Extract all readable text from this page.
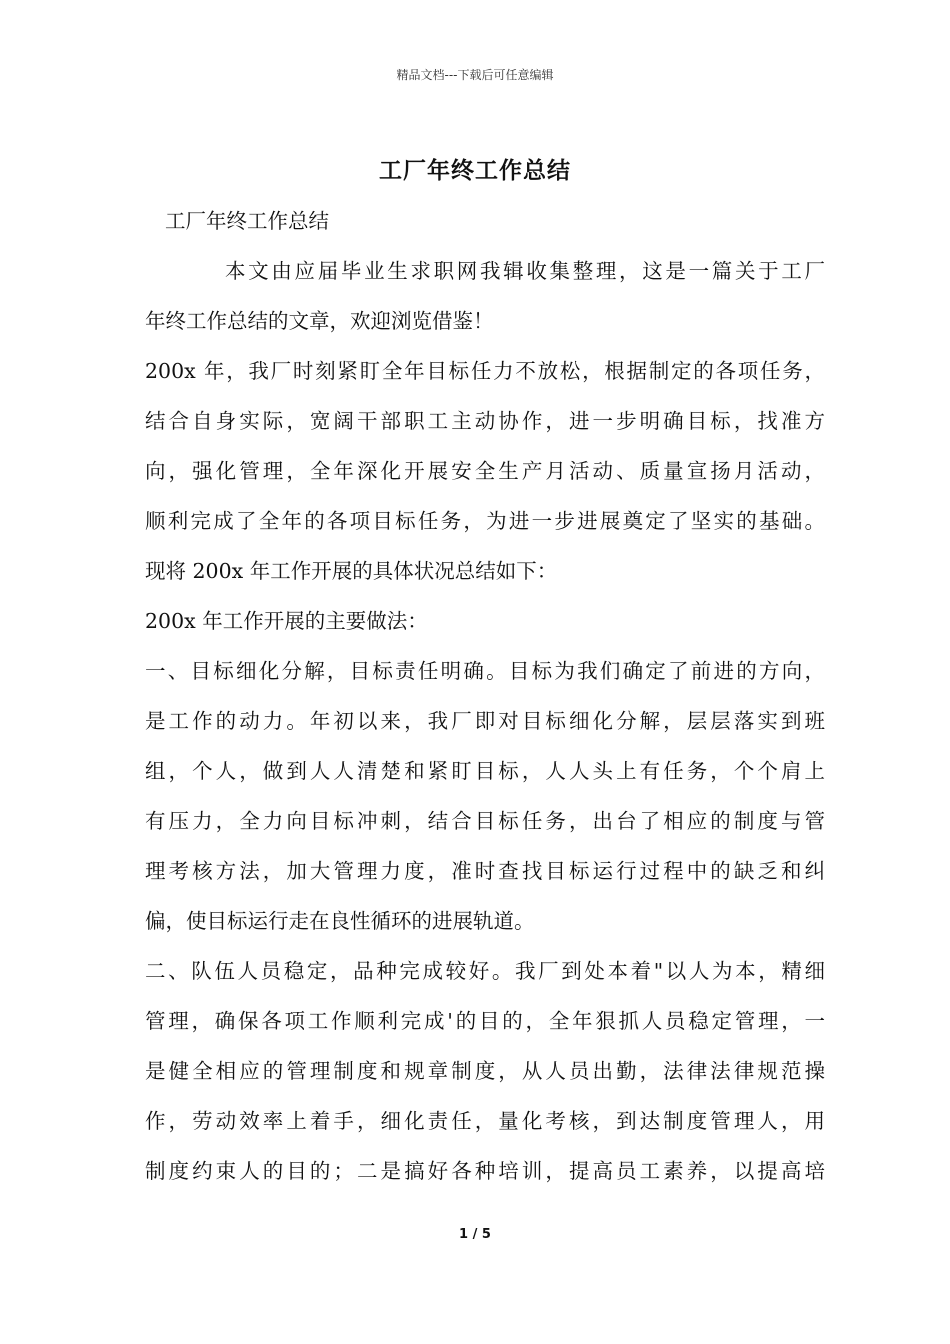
精品文档---下载后可任意编辑
工厂年终工作总结
工厂年终工作总结
本文由应届毕业生求职网我辑收集整理，这是一篇关于工厂
年终工作总结的文章，欢迎浏览借鉴！
200x 年，我厂时刻紧盯全年目标任力不放松，根据制定的各项任务，
结合自身实际，宽阔干部职工主动协作，进一步明确目标，找准方
向，强化管理，全年深化开展安全生产月活动、质量宣扬月活动，
顺利完成了全年的各项目标任务，为进一步进展奠定了坚实的基础。
现将 200x 年工作开展的具体状况总结如下：
200x 年工作开展的主要做法：
一、目标细化分解，目标责任明确。目标为我们确定了前进的方向，
是工作的动力。年初以来，我厂即对目标细化分解，层层落实到班
组，个人，做到人人清楚和紧盯目标，人人头上有任务，个个肩上
有压力，全力向目标冲刺，结合目标任务，出台了相应的制度与管
理考核方法，加大管理力度，准时查找目标运行过程中的缺乏和纠
偏，使目标运行走在良性循环的进展轨道。
二、队伍人员稳定，品种完成较好。我厂到处本着"以人为本，精细
管理，确保各项工作顺利完成'的目的，全年狠抓人员稳定管理，一
是健全相应的管理制度和规章制度，从人员出勤，法律法律规范操
作，劳动效率上着手，细化责任，量化考核，到达制度管理人，用
制度约束人的目的；二是搞好各种培训，提高员工素养，以提高培
1 / 5
